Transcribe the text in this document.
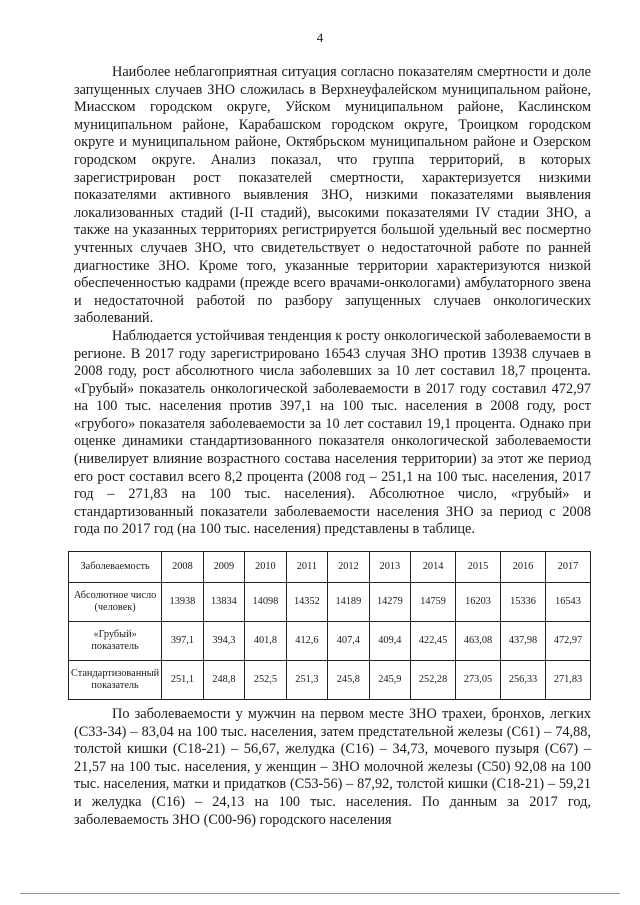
4

Наиболее неблагоприятная ситуация согласно показателям смертности и доле запущенных случаев ЗНО сложилась в Верхнеуфалейском муниципальном районе, Миасском городском округе, Уйском муниципальном районе, Каслинском муниципальном районе, Карабашском городском округе, Троицком городском округе и муниципальном районе, Октябрьском муниципальном районе и Озерском городском округе. Анализ показал, что группа территорий, в которых зарегистрирован рост показателей смертности, характеризуется низкими показателями активного выявления ЗНО, низкими показателями выявления локализованных стадий (I-II стадий), высокими показателями IV стадии ЗНО, а также на указанных территориях регистрируется большой удельный вес посмертно учтенных случаев ЗНО, что свидетельствует о недостаточной работе по ранней диагностике ЗНО. Кроме того, указанные территории характеризуются низкой обеспеченностью кадрами (прежде всего врачами-онкологами) амбулаторного звена и недостаточной работой по разбору запущенных случаев онкологических заболеваний.

Наблюдается устойчивая тенденция к росту онкологической заболеваемости в регионе. В 2017 году зарегистрировано 16543 случая ЗНО против 13938 случаев в 2008 году, рост абсолютного числа заболевших за 10 лет составил 18,7 процента. «Грубый» показатель онкологической заболеваемости в 2017 году составил 472,97 на 100 тыс. населения против 397,1 на 100 тыс. населения в 2008 году, рост «грубого» показателя заболеваемости за 10 лет составил 19,1 процента. Однако при оценке динамики стандартизованного показателя онкологической заболеваемости (нивелирует влияние возрастного состава населения территории) за этот же период его рост составил всего 8,2 процента (2008 год – 251,1 на 100 тыс. населения, 2017 год – 271,83 на 100 тыс. населения). Абсолютное число, «грубый» и стандартизованный показатели заболеваемости населения ЗНО за период с 2008 года по 2017 год (на 100 тыс. населения) представлены в таблице.

Заболеваемость	2008	2009	2010	2011	2012	2013	2014	2015	2016	2017
Абсолютное число (человек)	13938	13834	14098	14352	14189	14279	14759	16203	15336	16543
«Грубый» показатель	397,1	394,3	401,8	412,6	407,4	409,4	422,45	463,08	437,98	472,97
Стандартизованный показатель	251,1	248,8	252,5	251,3	245,8	245,9	252,28	273,05	256,33	271,83

По заболеваемости у мужчин на первом месте ЗНО трахеи, бронхов, легких (С33-34) – 83,04 на 100 тыс. населения, затем предстательной железы (С61) – 74,88, толстой кишки (С18-21) – 56,67, желудка (С16) – 34,73, мочевого пузыря (С67) – 21,57 на 100 тыс. населения, у женщин – ЗНО молочной железы (С50) 92,08 на 100 тыс. населения, матки и придатков (С53-56) – 87,92, толстой кишки (С18-21) – 59,21 и желудка (С16) – 24,13 на 100 тыс. населения. По данным за 2017 год, заболеваемость ЗНО (С00-96) городского населения
